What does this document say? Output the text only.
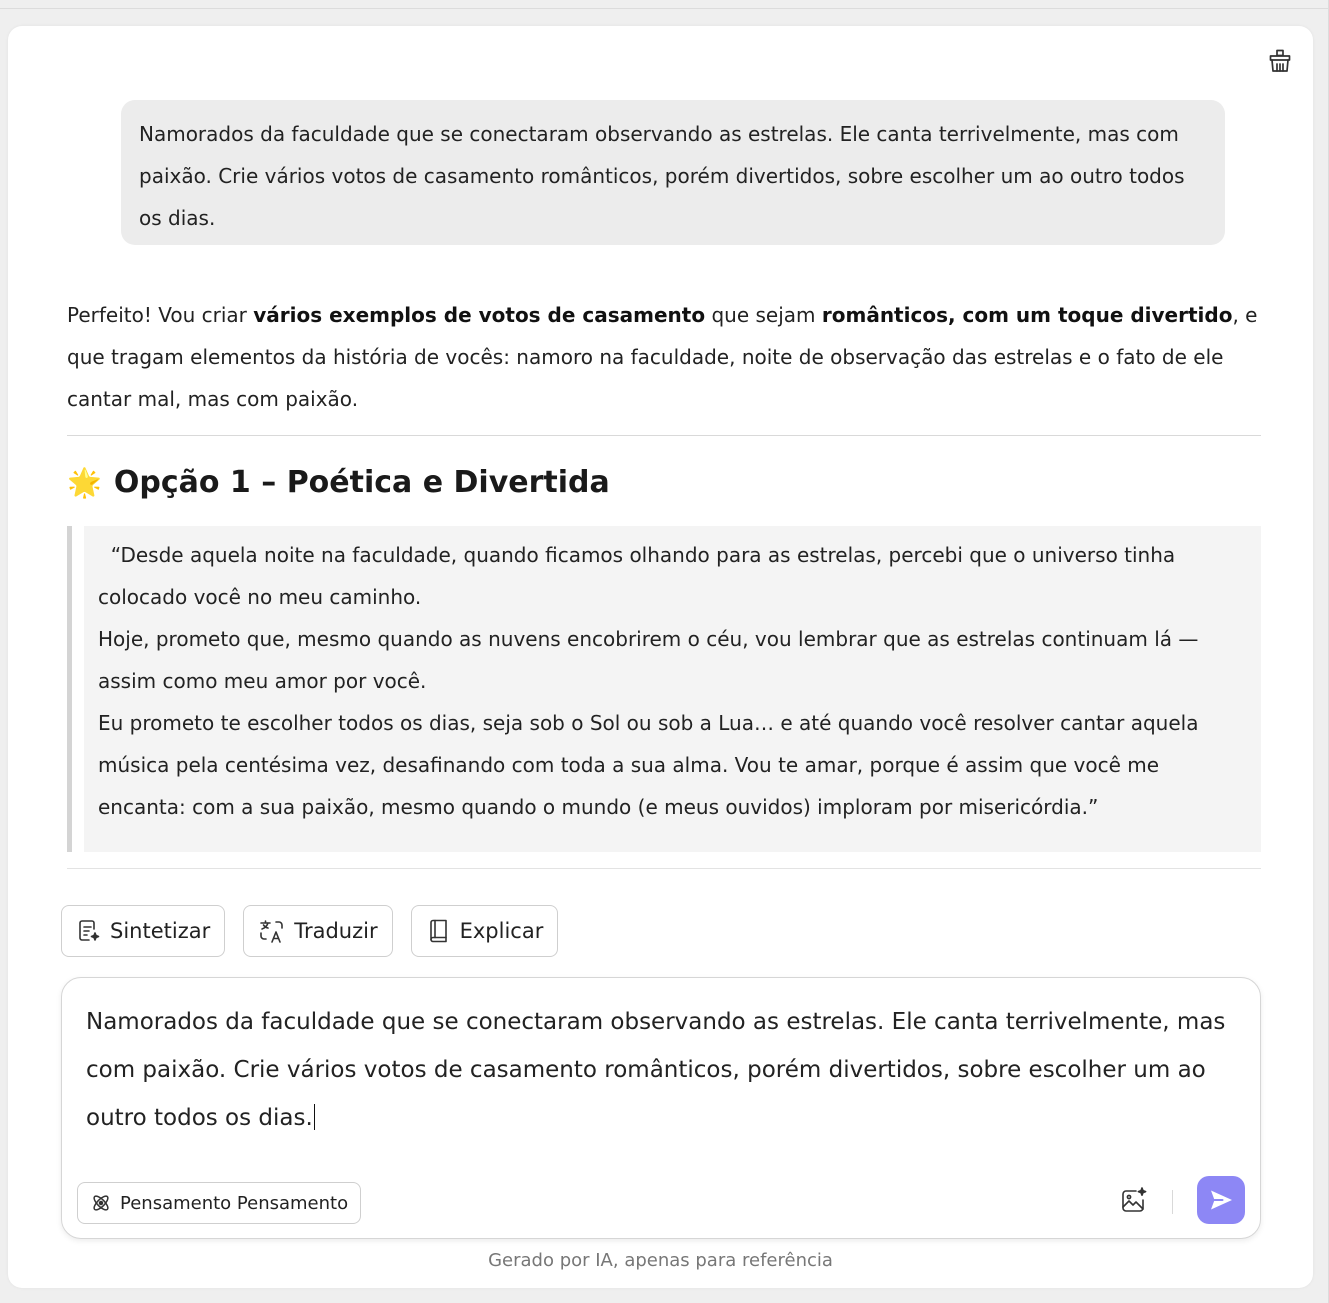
Namorados da faculdade que se conectaram observando as estrelas. Ele canta terrivelmente, mas com paixão. Crie vários votos de casamento românticos, porém divertidos, sobre escolher um ao outro todos os dias.
Perfeito! Vou criar vários exemplos de votos de casamento que sejam românticos, com um toque divertido, e que tragam elementos da história de vocês: namoro na faculdade, noite de observação das estrelas e o fato de ele cantar mal, mas com paixão.
🌟 Opção 1 – Poética e Divertida
“Desde aquela noite na faculdade, quando ficamos olhando para as estrelas, percebi que o universo tinha colocado você no meu caminho.
Hoje, prometo que, mesmo quando as nuvens encobrirem o céu, vou lembrar que as estrelas continuam lá — assim como meu amor por você.
Eu prometo te escolher todos os dias, seja sob o Sol ou sob a Lua… e até quando você resolver cantar aquela música pela centésima vez, desafinando com toda a sua alma. Vou te amar, porque é assim que você me encanta: com a sua paixão, mesmo quando o mundo (e meus ouvidos) imploram por misericórdia.”
Sintetizar	Traduzir	Explicar
Namorados da faculdade que se conectaram observando as estrelas. Ele canta terrivelmente, mas com paixão. Crie vários votos de casamento românticos, porém divertidos, sobre escolher um ao outro todos os dias.
Pensamento Pensamento
Gerado por IA, apenas para referência
